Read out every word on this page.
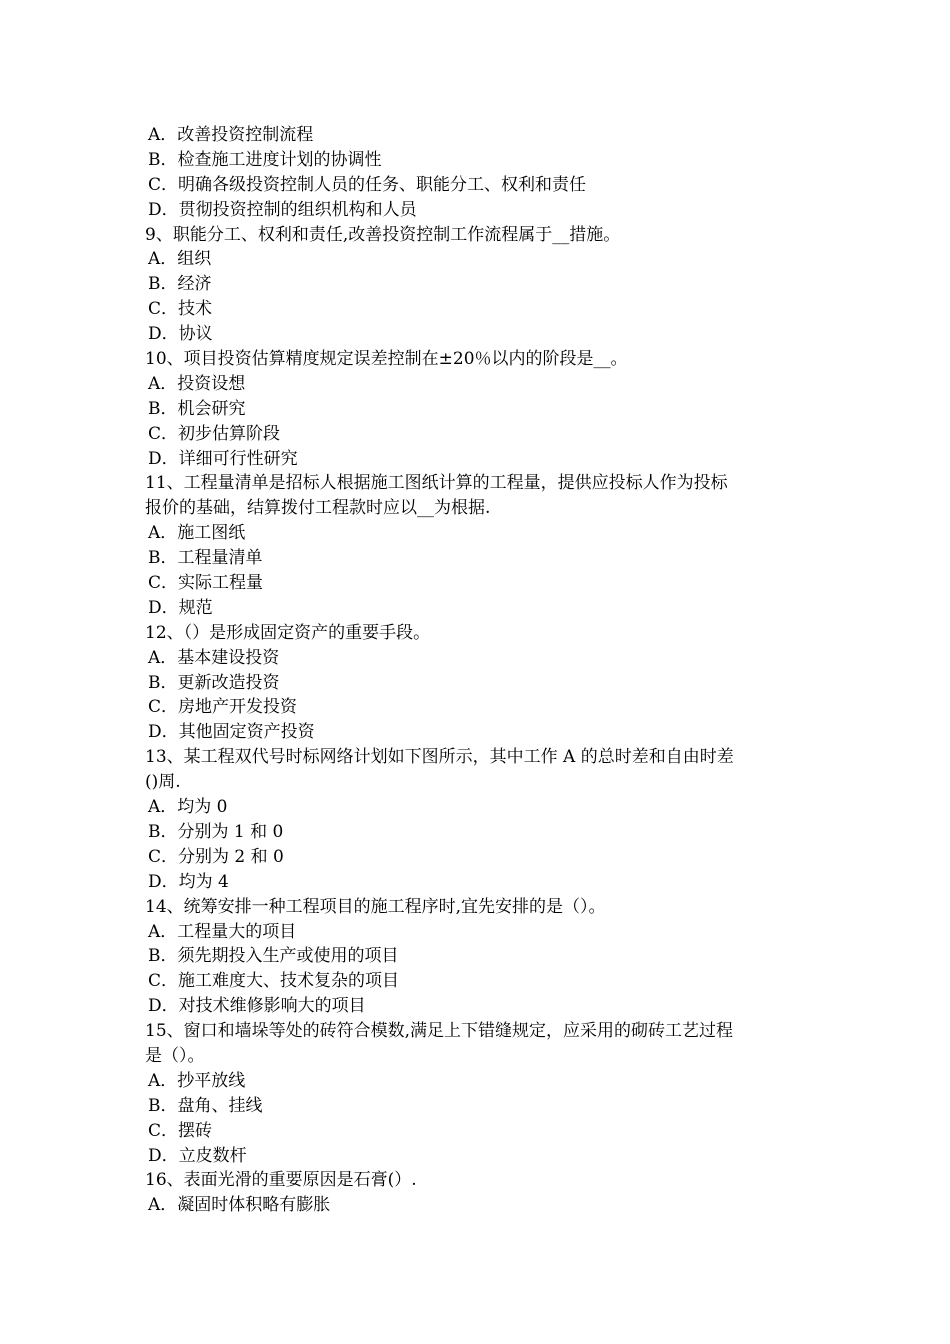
A．改善投资控制流程
B．检查施工进度计划的协调性
C．明确各级投资控制人员的任务、职能分工、权利和责任
D．贯彻投资控制的组织机构和人员
9、职能分工、权利和责任,改善投资控制工作流程属于__措施。
A．组织
B．经济
C．技术
D．协议
10、项目投资估算精度规定误差控制在±20％以内的阶段是__。
A．投资设想
B．机会研究
C．初步估算阶段
D．详细可行性研究
11、工程量清单是招标人根据施工图纸计算的工程量，提供应投标人作为投标
报价的基础，结算拨付工程款时应以__为根据.
A．施工图纸
B．工程量清单
C．实际工程量
D．规范
12、（）是形成固定资产的重要手段。
A．基本建设投资
B．更新改造投资
C．房地产开发投资
D．其他固定资产投资
13、某工程双代号时标网络计划如下图所示，其中工作 A 的总时差和自由时差
()周.
A．均为 0
B．分别为 1 和 0
C．分别为 2 和 0
D．均为 4
14、统筹安排一种工程项目的施工程序时,宜先安排的是（）。
A．工程量大的项目
B．须先期投入生产或使用的项目
C．施工难度大、技术复杂的项目
D．对技术维修影响大的项目
15、窗口和墙垛等处的砖符合模数,满足上下错缝规定，应采用的砌砖工艺过程
是（）。
A．抄平放线
B．盘角、挂线
C．摆砖
D．立皮数杆
16、表面光滑的重要原因是石膏(）.
A．凝固时体积略有膨胀
